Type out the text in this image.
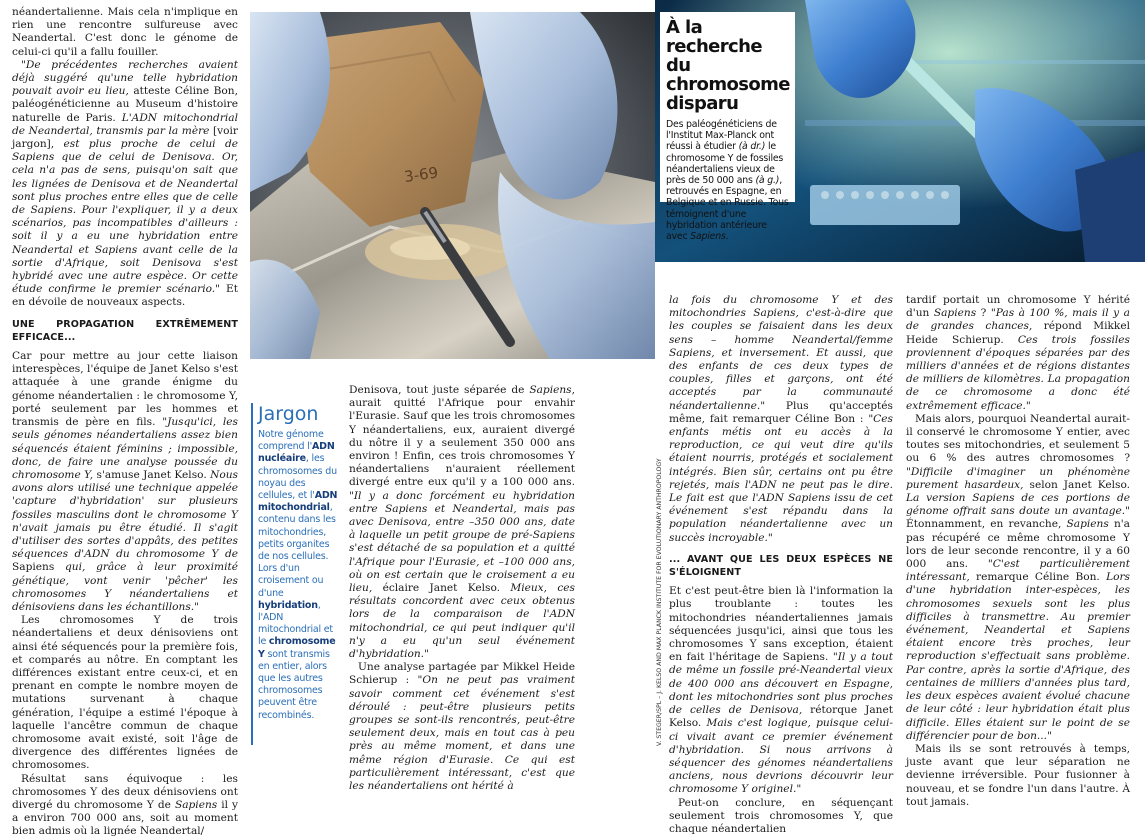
3-69
À la recherche du chromosome disparu
Des paléogénéticiens de l'Institut Max-Planck ont réussi à étudier (à dr.) le chromosome Y de fossiles néandertaliens vieux de près de 50 000 ans (à g.), retrouvés en Espagne, en Belgique et en Russie. Tous témoignent d'une hybridation antérieure avec Sapiens.

néandertalienne. Mais cela n'implique en rien une rencontre sulfureuse avec Neandertal. C'est donc le génome de celui-ci qu'il a fallu fouiller.

"De précédentes recherches avaient déjà suggéré qu'une telle hybridation pouvait avoir eu lieu, atteste Céline Bon, paléogénéticienne au Museum d'histoire naturelle de Paris. L'ADN mitochondrial de Neandertal, transmis par la mère [voir jargon], est plus proche de celui de Sapiens que de celui de Denisova. Or, cela n'a pas de sens, puisqu'on sait que les lignées de Denisova et de Neandertal sont plus proches entre elles que de celle de Sapiens. Pour l'expliquer, il y a deux scénarios, pas incompatibles d'ailleurs : soit il y a eu une hybridation entre Neandertal et Sapiens avant celle de la sortie d'Afrique, soit Denisova s'est hybridé avec une autre espèce. Or cette étude confirme le premier scénario." Et en dévoile de nouveaux aspects.

UNE PROPAGATION EXTRÊMEMENT EFFICACE...

Car pour mettre au jour cette liaison interespèces, l'équipe de Janet Kelso s'est attaquée à une grande énigme du génome néandertalien : le chromosome Y, porté seulement par les hommes et transmis de père en fils. "Jusqu'ici, les seuls génomes néandertaliens assez bien séquencés étaient féminins ; impossible, donc, de faire une analyse poussée du chromosome Y, s'amuse Janet Kelso. Nous avons alors utilisé une technique appelée 'capture d'hybridation' sur plusieurs fossiles masculins dont le chromosome Y n'avait jamais pu être étudié. Il s'agit d'utiliser des sortes d'appâts, des petites séquences d'ADN du chromosome Y de Sapiens qui, grâce à leur proximité génétique, vont venir 'pêcher' les chromosomes Y néandertaliens et dénisoviens dans les échantillons."

Les chromosomes Y de trois néandertaliens et deux dénisoviens ont ainsi été séquencés pour la première fois, et comparés au nôtre. En comptant les différences existant entre ceux-ci, et en prenant en compte le nombre moyen de mutations survenant à chaque génération, l'équipe a estimé l'époque à laquelle l'ancêtre commun de chaque chromosome avait existé, soit l'âge de divergence des différentes lignées de chromosomes.

Résultat sans équivoque : les chromosomes Y des deux dénisoviens ont divergé du chromosome Y de Sapiens il y a environ 700 000 ans, soit au moment bien admis où la lignée Neandertal/

Jargon
Notre génome comprend l'ADN nucléaire, les chromosomes du noyau des cellules, et l'ADN mitochondrial, contenu dans les mitochondries, petits organites de nos cellules. Lors d'un croisement ou d'une hybridation, l'ADN mitochondrial et le chromosome Y sont transmis en entier, alors que les autres chromosomes peuvent être recombinés.

Denisova, tout juste séparée de Sapiens, aurait quitté l'Afrique pour envahir l'Eurasie. Sauf que les trois chromosomes Y néandertaliens, eux, auraient divergé du nôtre il y a seulement 350 000 ans environ ! Enfin, ces trois chromosomes Y néandertaliens n'auraient réellement divergé entre eux qu'il y a 100 000 ans. "Il y a donc forcément eu hybridation entre Sapiens et Neandertal, mais pas avec Denisova, entre –350 000 ans, date à laquelle un petit groupe de pré-Sapiens s'est détaché de sa population et a quitté l'Afrique pour l'Eurasie, et –100 000 ans, où on est certain que le croisement a eu lieu, éclaire Janet Kelso. Mieux, ces résultats concordent avec ceux obtenus lors de la comparaison de l'ADN mitochondrial, ce qui peut indiquer qu'il n'y a eu qu'un seul événement d'hybridation."

Une analyse partagée par Mikkel Heide Schierup : "On ne peut pas vraiment savoir comment cet événement s'est déroulé : peut-être plusieurs petits groupes se sont-ils rencontrés, peut-être seulement deux, mais en tout cas à peu près au même moment, et dans une même région d'Eurasie. Ce qui est particulièrement intéressant, c'est que les néandertaliens ont hérité à

V. STEGER/SPL – J. KELSO AND MAX PLANCK INSTITUTE FOR EVOLUTIONARY ANTHROPOLOGY

la fois du chromosome Y et des mitochondries Sapiens, c'est-à-dire que les couples se faisaient dans les deux sens – homme Neandertal/femme Sapiens, et inversement. Et aussi, que des enfants de ces deux types de couples, filles et garçons, ont été acceptés par la communauté néandertalienne." Plus qu'acceptés même, fait remarquer Céline Bon : "Ces enfants métis ont eu accès à la reproduction, ce qui veut dire qu'ils étaient nourris, protégés et socialement intégrés. Bien sûr, certains ont pu être rejetés, mais l'ADN ne peut pas le dire. Le fait est que l'ADN Sapiens issu de cet événement s'est répandu dans la population néandertalienne avec un succès incroyable."

... AVANT QUE LES DEUX ESPÈCES NE S'ÉLOIGNENT

Et c'est peut-être bien là l'information la plus troublante : toutes les mitochondries néandertaliennes jamais séquencées jusqu'ici, ainsi que tous les chromosomes Y sans exception, étaient en fait l'héritage de Sapiens. "Il y a tout de même un fossile pré-Neandertal vieux de 400 000 ans découvert en Espagne, dont les mitochondries sont plus proches de celles de Denisova, rétorque Janet Kelso. Mais c'est logique, puisque celui-ci vivait avant ce premier événement d'hybridation. Si nous arrivons à séquencer des génomes néandertaliens anciens, nous devrions découvrir leur chromosome Y originel."

Peut-on conclure, en séquençant seulement trois chromosomes Y, que chaque néandertalien

tardif portait un chromosome Y hérité d'un Sapiens ? "Pas à 100 %, mais il y a de grandes chances, répond Mikkel Heide Schierup. Ces trois fossiles proviennent d'époques séparées par des milliers d'années et de régions distantes de milliers de kilomètres. La propagation de ce chromosome a donc été extrêmement efficace."

Mais alors, pourquoi Neandertal aurait-il conservé le chromosome Y entier, avec toutes ses mitochondries, et seulement 5 ou 6 % des autres chromosomes ? "Difficile d'imaginer un phénomène purement hasardeux, selon Janet Kelso. La version Sapiens de ces portions de génome offrait sans doute un avantage." Étonnamment, en revanche, Sapiens n'a pas récupéré ce même chromosome Y lors de leur seconde rencontre, il y a 60 000 ans. "C'est particulièrement intéressant, remarque Céline Bon. Lors d'une hybridation inter-espèces, les chromosomes sexuels sont les plus difficiles à transmettre. Au premier événement, Neandertal et Sapiens étaient encore très proches, leur reproduction s'effectuait sans problème. Par contre, après la sortie d'Afrique, des centaines de milliers d'années plus tard, les deux espèces avaient évolué chacune de leur côté : leur hybridation était plus difficile. Elles étaient sur le point de se différencier pour de bon..."

Mais ils se sont retrouvés à temps, juste avant que leur séparation ne devienne irréversible. Pour fusionner à nouveau, et se fondre l'un dans l'autre. À tout jamais.
